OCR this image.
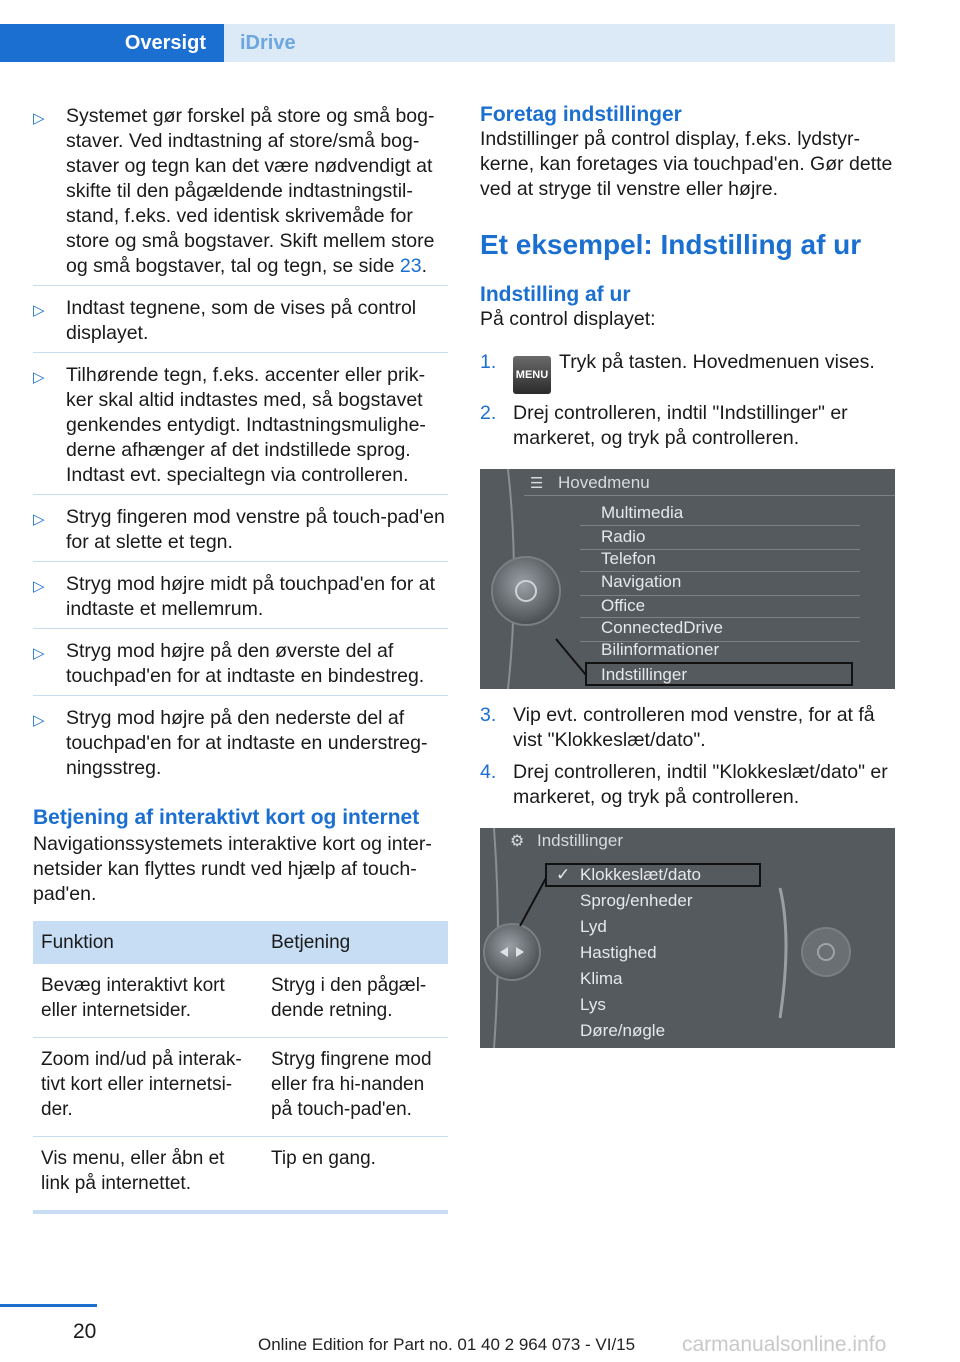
Oversigt	iDrive
▷ Systemet gør forskel på store og små bog-staver. Ved indtastning af store/små bog-staver og tegn kan det være nødvendigt at skifte til den pågældende indtastningstil-stand, f.eks. ved identisk skrivemåde for store og små bogstaver. Skift mellem store og små bogstaver, tal og tegn, se side 23.
▷ Indtast tegnene, som de vises på control displayet.
▷ Tilhørende tegn, f.eks. accenter eller prik-ker skal altid indtastes med, så bogstavet genkendes entydigt. Indtastningsmulighe-derne afhænger af det indstillede sprog. Indtast evt. specialtegn via controlleren.
▷ Stryg fingeren mod venstre på touch-pad'en for at slette et tegn.
▷ Stryg mod højre midt på touchpad'en for at indtaste et mellemrum.
▷ Stryg mod højre på den øverste del af touchpad'en for at indtaste en bindestreg.
▷ Stryg mod højre på den nederste del af touchpad'en for at indtaste en understreg-ningsstreg.
Betjening af interaktivt kort og internet

Navigationssystemets interaktive kort og inter-netsider kan flyttes rundt ved hjælp af touch-pad'en.

Funktion	Betjening
Bevæg interaktivt kort eller internetsider.	Stryg i den pågæl-dende retning.
Zoom ind/ud på interak-tivt kort eller internetsi-der.	Stryg fingrene mod eller fra hi-nanden på touch-pad'en.
Vis menu, eller åbn et link på internettet.	Tip en gang.
Foretag indstillinger

Indstillinger på control display, f.eks. lydstyr-kerne, kan foretages via touchpad'en. Gør dette ved at stryge til venstre eller højre.

Et eksempel: Indstilling af ur
Indstilling af ur

På control displayet:

1.
MENUTryk på tasten. Hovedmenuen vises.
2. Drej controlleren, indtil "Indstillinger" er markeret, og tryk på controlleren.
☰ Hovedmenu
Multimedia
Radio
Telefon
Navigation
Office
ConnectedDrive
Bilinformationer
Indstillinger
3. Vip evt. controlleren mod venstre, for at få vist "Klokkeslæt/dato".
4. Drej controlleren, indtil "Klokkeslæt/dato" er markeret, og tryk på controlleren.
⚙ Indstillinger
✓ Klokkeslæt/dato
Sprog/enheder
Lyd
Hastighed
Klima
Lys
Døre/nøgle
20
Online Edition for Part no. 01 40 2 964 073 - VI/15 carmanualsonline.info
